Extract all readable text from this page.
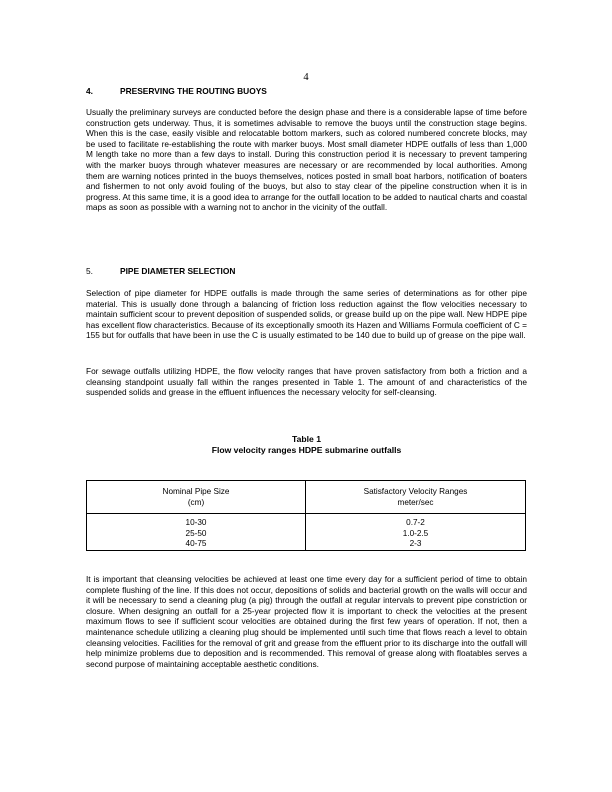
4
4.	PRESERVING THE ROUTING BUOYS

Usually the preliminary surveys are conducted before the design phase and there is a considerable lapse of time before construction gets underway. Thus, it is sometimes advisable to remove the buoys until the construction stage begins. When this is the case, easily visible and relocatable bottom markers, such as colored numbered concrete blocks, may be used to facilitate re-establishing the route with marker buoys. Most small diameter HDPE outfalls of less than 1,000 M length take no more than a few days to install. During this construction period it is necessary to prevent tampering with the marker buoys through whatever measures are necessary or are recommended by local authorities. Among them are warning notices printed in the buoys themselves, notices posted in small boat harbors, notification of boaters and fishermen to not only avoid fouling of the buoys, but also to stay clear of the pipeline construction when it is in progress. At this same time, it is a good idea to arrange for the outfall location to be added to nautical charts and coastal maps as soon as possible with a warning not to anchor in the vicinity of the outfall.

5.	PIPE DIAMETER SELECTION

Selection of pipe diameter for HDPE outfalls is made through the same series of determinations as for other pipe material. This is usually done through a balancing of friction loss reduction against the flow velocities necessary to maintain sufficient scour to prevent deposition of suspended solids, or grease build up on the pipe wall. New HDPE pipe has excellent flow characteristics. Because of its exceptionally smooth its Hazen and Williams Formula coefficient of C = 155 but for outfalls that have been in use the C is usually estimated to be 140 due to build up of grease on the pipe wall.

For sewage outfalls utilizing HDPE, the flow velocity ranges that have proven satisfactory from both a friction and a cleansing standpoint usually fall within the ranges presented in Table 1. The amount of and characteristics of the suspended solids and grease in the effluent influences the necessary velocity for self-cleansing.

Table 1
Flow velocity ranges HDPE submarine outfalls
Nominal Pipe Size
(cm)
Satisfactory Velocity Ranges
meter/sec
10-30
25-50
40-75
0.7-2
1.0-2.5
2-3

It is important that cleansing velocities be achieved at least one time every day for a sufficient period of time to obtain complete flushing of the line. If this does not occur, depositions of solids and bacterial growth on the walls will occur and it will be necessary to send a cleaning plug (a pig) through the outfall at regular intervals to prevent pipe constriction or closure. When designing an outfall for a 25-year projected flow it is important to check the velocities at the present maximum flows to see if sufficient scour velocities are obtained during the first few years of operation. If not, then a maintenance schedule utilizing a cleaning plug should be implemented until such time that flows reach a level to obtain cleansing velocities. Facilities for the removal of grit and grease from the effluent prior to its discharge into the outfall will help minimize problems due to deposition and is recommended. This removal of grease along with floatables serves a second purpose of maintaining acceptable aesthetic conditions.
